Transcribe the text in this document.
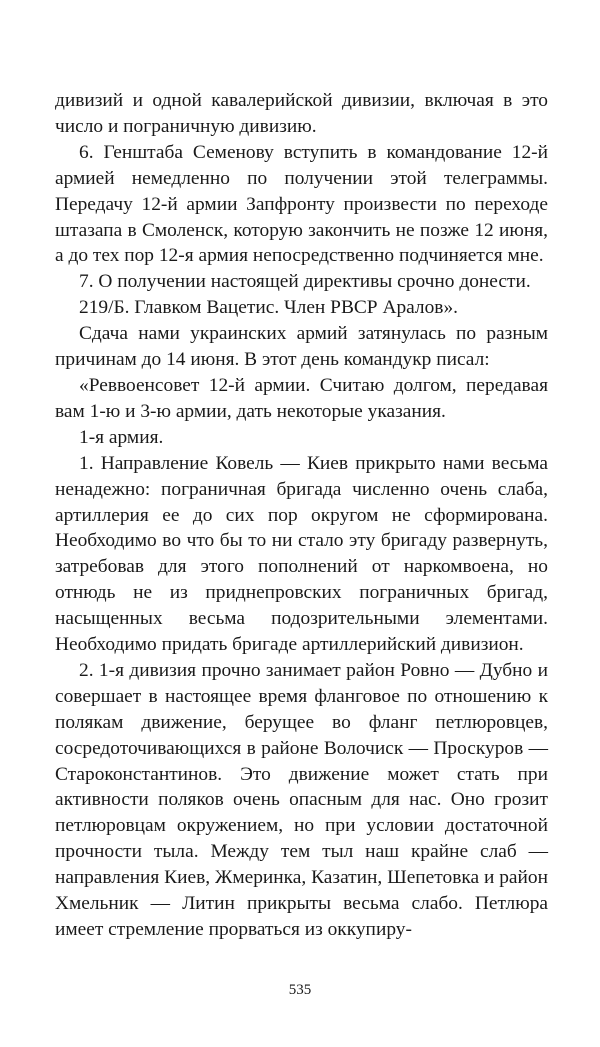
дивизий и одной кавалерийской дивизии, включая в это число и пограничную дивизию.

6. Генштаба Семенову вступить в командование 12-й армией немедленно по получении этой телеграммы. Передачу 12-й армии Запфронту произвести по переходе штазапа в Смоленск, которую закончить не позже 12 июня, а до тех пор 12-я армия непосредственно подчиняется мне.

7. О получении настоящей директивы срочно донести.

219/Б. Главком Вацетис. Член РВСР Аралов».

Сдача нами украинских армий затянулась по разным причинам до 14 июня. В этот день командукр писал:

«Реввоенсовет 12-й армии. Считаю долгом, передавая вам 1-ю и 3-ю армии, дать некоторые указания.

1-я армия.

1. Направление Ковель — Киев прикрыто нами весьма ненадежно: пограничная бригада численно очень слаба, артиллерия ее до сих пор округом не сформирована. Необходимо во что бы то ни стало эту бригаду развернуть, затребовав для этого пополнений от наркомвоена, но отнюдь не из приднепровских пограничных бригад, насыщенных весьма подозрительными элементами. Необходимо придать бригаде артиллерийский дивизион.

2. 1-я дивизия прочно занимает район Ровно — Дубно и совершает в настоящее время фланговое по отношению к полякам движение, берущее во фланг петлюровцев, сосредоточивающихся в районе Волочиск — Проскуров — Староконстантинов. Это движение может стать при активности поляков очень опасным для нас. Оно грозит петлюровцам окружением, но при условии достаточной прочности тыла. Между тем тыл наш крайне слаб — направления Киев, Жмеринка, Казатин, Шепетовка и район Хмельник — Литин прикрыты весьма слабо. Петлюра имеет стремление прорваться из оккупиру-

535
